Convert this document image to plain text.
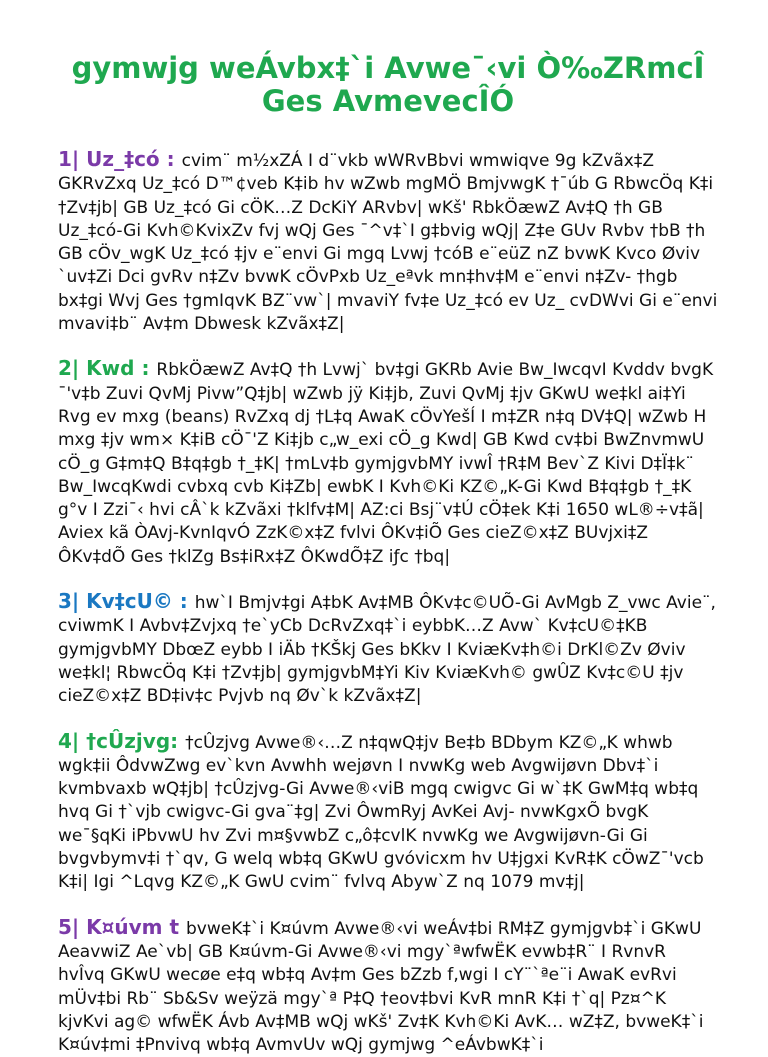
gymwjg weÁvbx‡`i Avwe¯‹vi Ò‰ZRmcÎ
Ges AvmevecÎÓ

1| Uz_‡có : cvim¨ m½xZÁ I d¨vkb wWRvBbvi wmwiqve 9g kZvãx‡Z GKRvZxq Uz_‡có D™¢veb K‡ib hv wZwb mgMÖ BmjvwgK †¯úb G RbwcÖq K‡i †Zv‡jb| GB Uz_‡có Gi cÖK…Z DcKiY ARvbv| wKš' RbkÖæwZ Av‡Q †h GB Uz_‡có-Gi Kvh©KvixZv fvj wQj Ges ¯^v‡`I g‡bvig wQj| Z‡e GUv Rvbv †bB †h GB cÖv_wgK Uz_‡có ‡jv e¨envi Gi mgq Lvwj †cóB e¨eüZ nZ bvwK Kvco Øviv `uv‡Zi Dci gvRv n‡Zv bvwK cÖvPxb Uz_eªvk mn‡hv‡M e¨envi n‡Zv- †hgb bx‡gi Wvj Ges †gmIqvK BZ¨vw`| mvaviY fv‡e Uz_‡có ev Uz_ cvDWvi Gi e¨envi mvavi‡b¨ Av‡m Dbwesk kZvãx‡Z|

2| Kwd : RbkÖæwZ Av‡Q †h Lvwj` bv‡gi GKRb Avie Bw_IwcqvI Kvddv bvgK ¯'v‡b Zuvi QvMj Pivw”Q‡jb| wZwb jÿ Ki‡jb, Zuvi QvMj ‡jv GKwU we‡kl ai‡Yi Rvg ev mxg (beans) RvZxq dj †L‡q AwaK cÖvYešÍ I m‡ZR n‡q DV‡Q| wZwb H mxg ‡jv wm× K‡iB cÖ¯'Z Ki‡jb c„w_exi cÖ_g Kwd| GB Kwd cv‡bi BwZnvmwU cÖ_g G‡m‡Q B‡q‡gb †_‡K| †mLv‡b gymjgvbMY ivwÎ †R‡M Bev`Z Kivi D‡Ï‡k¨ Bw_IwcqKwdi cvbxq cvb Ki‡Zb| ewbK I Kvh©Ki KZ©„K-Gi Kwd B‡q‡gb †_‡K g°v I Zzi¯‹ hvi cÂ`k kZvãxi †klfv‡M| AZ:ci Bsj¨v‡Ú cÖ‡ek K‡i 1650 wL®÷v‡ã| Aviex kã ÒAvj-KvnIqvÓ ZzK©x‡Z fvlvi ÔKv‡iÕ Ges cieZ©x‡Z BUvjxi‡Z ÔKv‡dÕ Ges †klZg Bs‡iRx‡Z ÔKwdÕ‡Z iƒc †bq|

3| Kv‡cU© : hw`I Bmjv‡gi A‡bK Av‡MB ÔKv‡c©UÕ-Gi AvMgb Z_vwc Avie¨, cviwmK I Avbv‡Zvjxq †e`yCb DcRvZxq‡`i eybbK…Z Avw` Kv‡cU©‡KB gymjgvbMY DbœZ eybb I iÄb †KŠkj Ges bKkv I KviæKv‡h©i DrKl©Zv Øviv we‡kl¦ RbwcÖq K‡i †Zv‡jb| gymjgvbM‡Yi Kiv KviæKvh© gwÛZ Kv‡c©U ‡jv cieZ©x‡Z BD‡iv‡c Pvjvb nq Øv`k kZvãx‡Z|

4| †cÛzjvg: †cÛzjvg Avwe®‹…Z n‡qwQ‡jv Be‡b BDbym KZ©„K whwb wgk‡ii ÔdvwZwg ev`kvn Avwhh wejøvn I nvwKg web Avgwijøvn Dbv‡`i kvmbvaxb wQ‡jb| †cÛzjvg-Gi Avwe®‹viB mgq cwigvc Gi w`‡K GwM‡q wb‡q hvq Gi †`vjb cwigvc-Gi gva¨‡g| Zvi ÔwmRyj AvKei Avj- nvwKgxÕ bvgK we¯§qKi iPbvwU hv Zvi m¤§vwbZ c„ô‡cvlK nvwKg we Avgwijøvn-Gi Gi bvgvbymv‡i †`qv, G welq wb‡q GKwU gvóvicxm hv U‡jgxi KvR‡K cÖwZ¯'vcb K‡i| Igi ^Lqvg KZ©„K GwU cvim¨ fvlvq Abyw`Z nq 1079 mv‡j|

5| K¤úvm t bvweK‡`i K¤úvm Avwe®‹vi weÁv‡bi RM‡Z gymjgvb‡`i GKwU AeavwiZ Ae`vb| GB K¤úvm-Gi Avwe®‹vi mgy`ªwfwËK evwb‡R¨ I RvnvR hvÎvq GKwU wecøe e‡q wb‡q Av‡m Ges bZzb f‚wgi I cY¨`ªe¨i AwaK evRvi mÜv‡bi Rb¨ Sb&Sv weÿzä mgy`ª P‡Q †eov‡bvi KvR mnR K‡i †`q| Pz¤^K kjvKvi ag© wfwËK Ávb Av‡MB wQj wKš' Zv‡K Kvh©Ki AvK… wZ‡Z, bvweK‡`i K¤úv‡mi ‡Pnvivq wb‡q AvmvUv wQj gymjwg ^eÁvbwK‡`i
